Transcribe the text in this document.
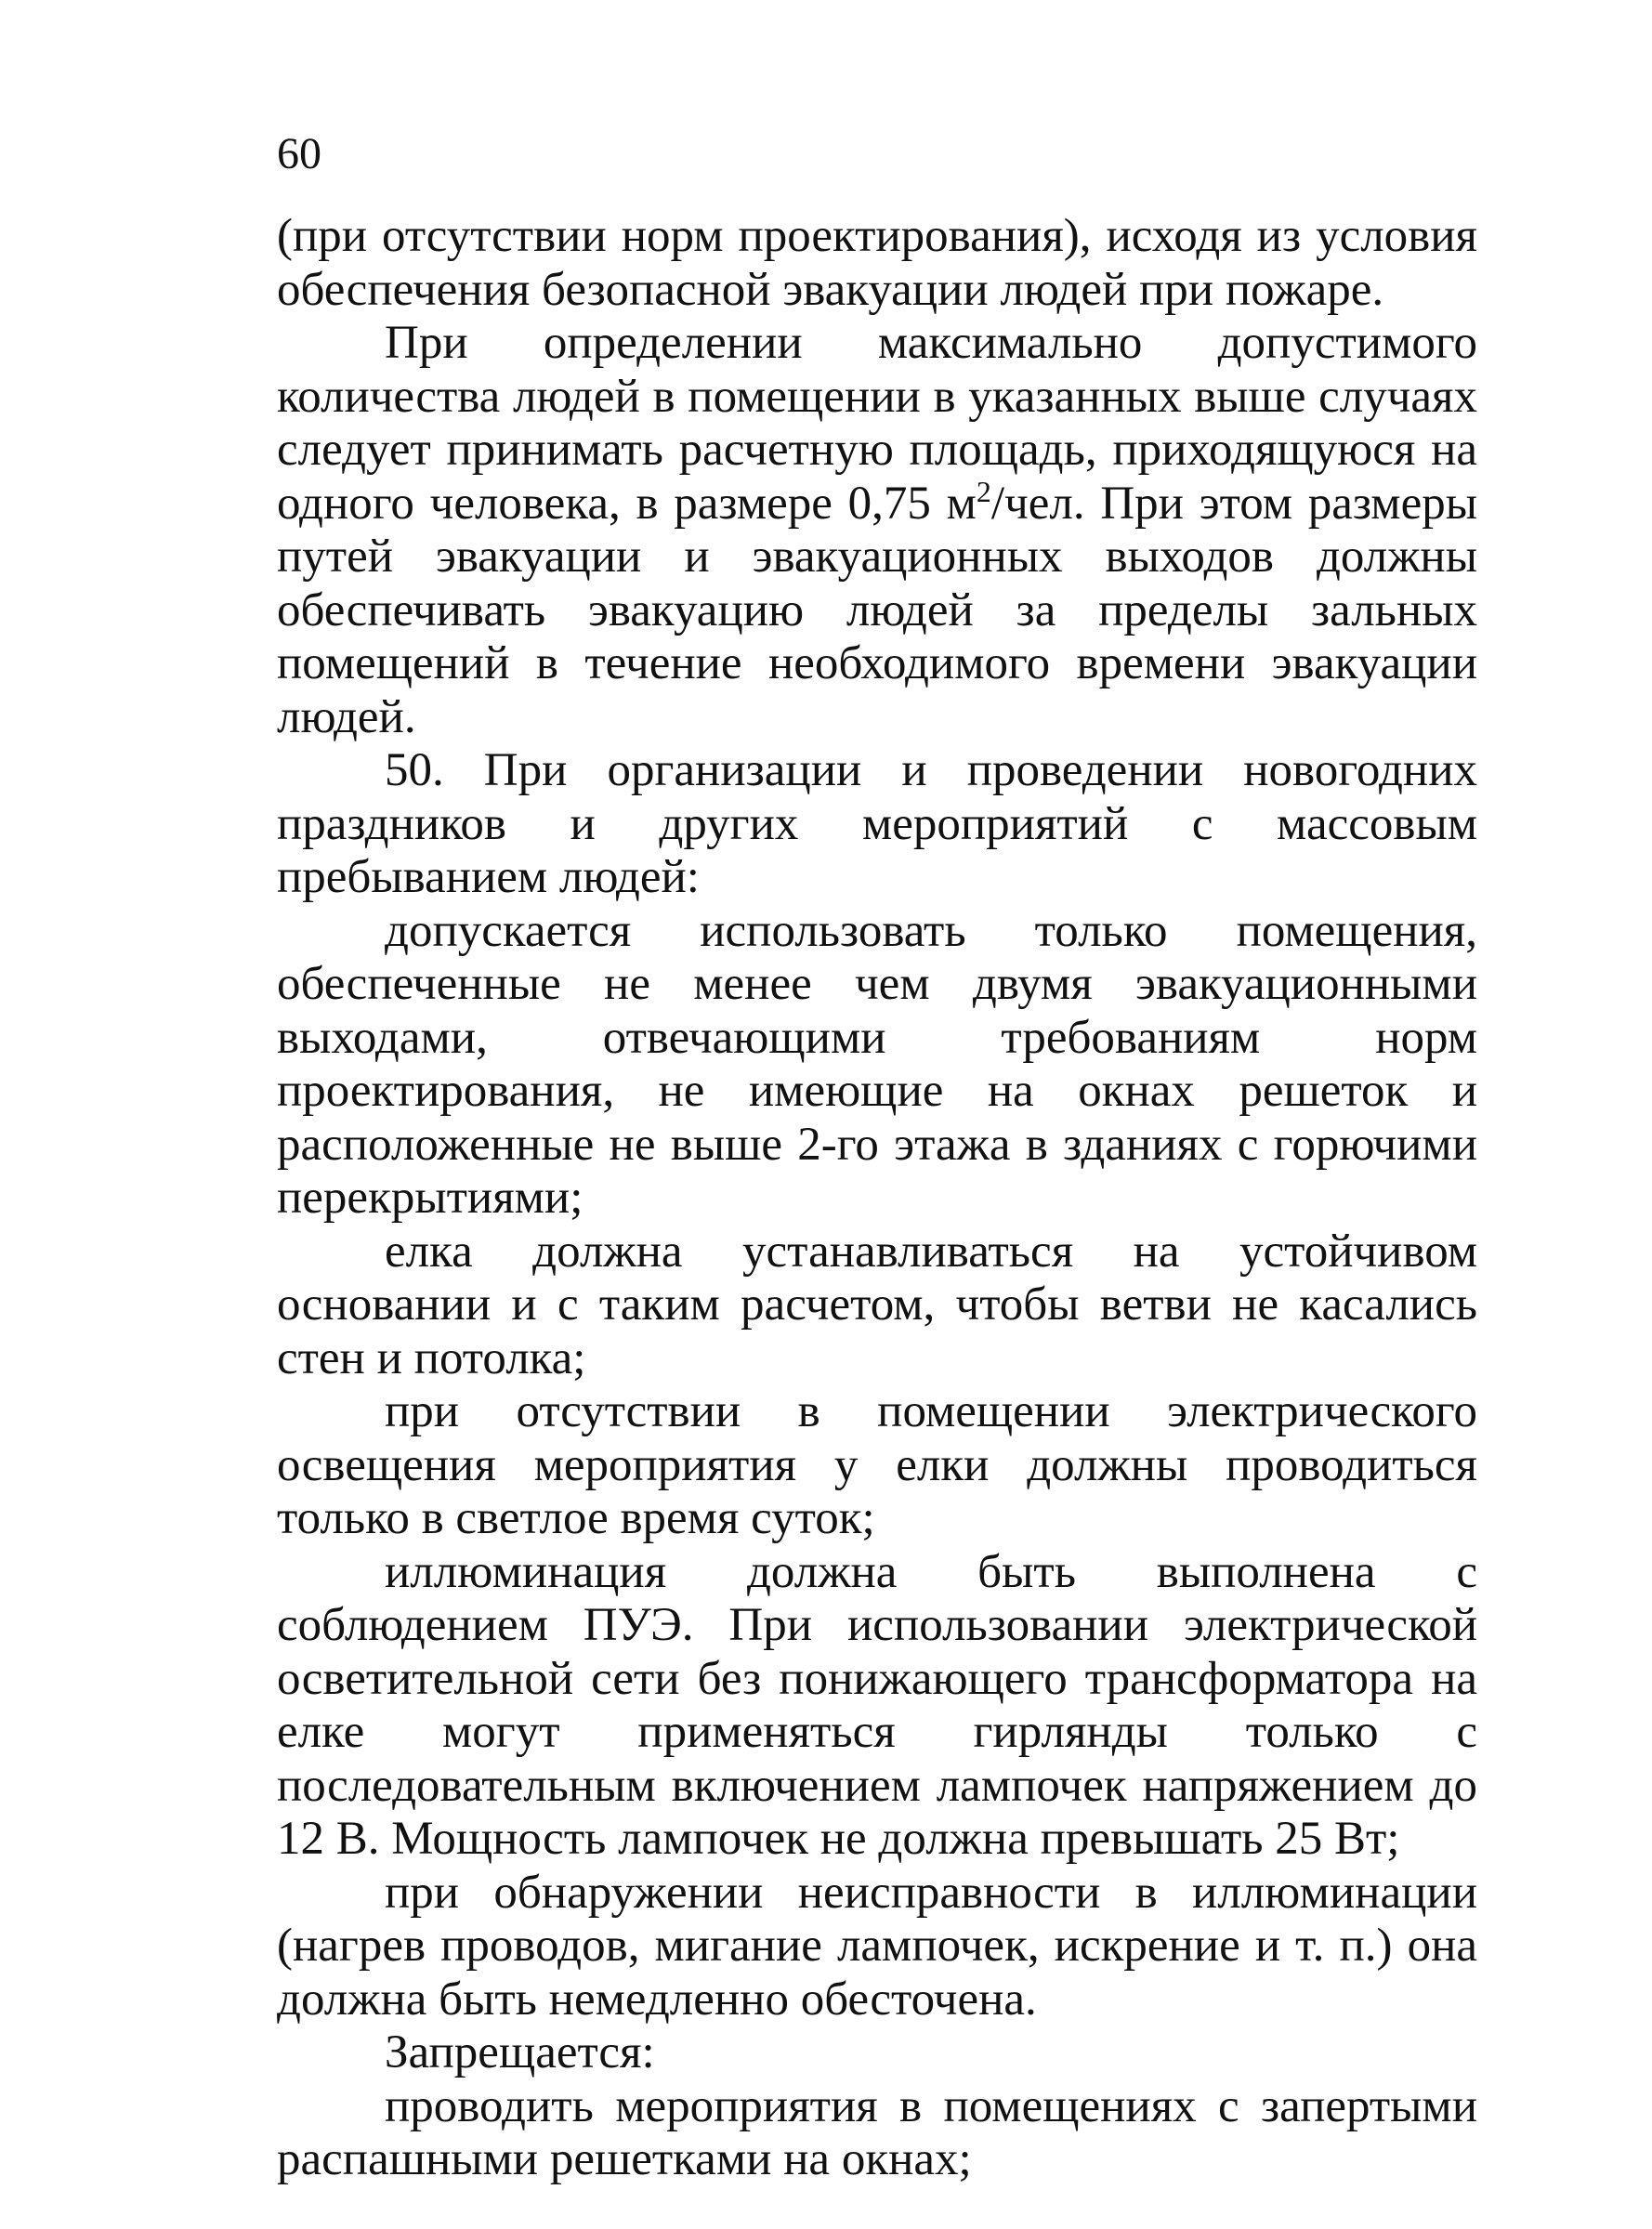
60

(при отсутствии норм проектирования), исходя из условия обеспечения безопасной эвакуации людей при пожаре.

При определении максимально допустимого количества людей в помещении в указанных выше случаях следует принимать расчетную площадь, приходящуюся на одного человека, в размере 0,75 $м^2$/чел. При этом размеры путей эвакуации и эвакуационных выходов должны обеспечивать эвакуацию людей за пределы зальных помещений в течение необходимого времени эвакуации людей.

50. При организации и проведении новогодних праздников и других мероприятий с массовым пребыванием людей:

допускается использовать только помещения, обеспеченные не менее чем двумя эвакуационными выходами, отвечающими требованиям норм проектирования, не имеющие на окнах решеток и расположенные не выше 2-го этажа в зданиях с горючими перекрытиями;

елка должна устанавливаться на устойчивом основании и с таким расчетом, чтобы ветви не касались стен и потолка;

при отсутствии в помещении электрического освещения мероприятия у елки должны проводиться только в светлое время суток;

иллюминация должна быть выполнена с соблюдением ПУЭ. При использовании электрической осветительной сети без понижающего трансформатора на елке могут применяться гирлянды только с последовательным включением лампочек напряжением до 12 В. Мощность лампочек не должна превышать 25 Вт;

при обнаружении неисправности в иллюминации (нагрев проводов, мигание лампочек, искрение и т. п.) она должна быть немедленно обесточена.

Запрещается:

проводить мероприятия в помещениях с запертыми распашными решетками на окнах;
